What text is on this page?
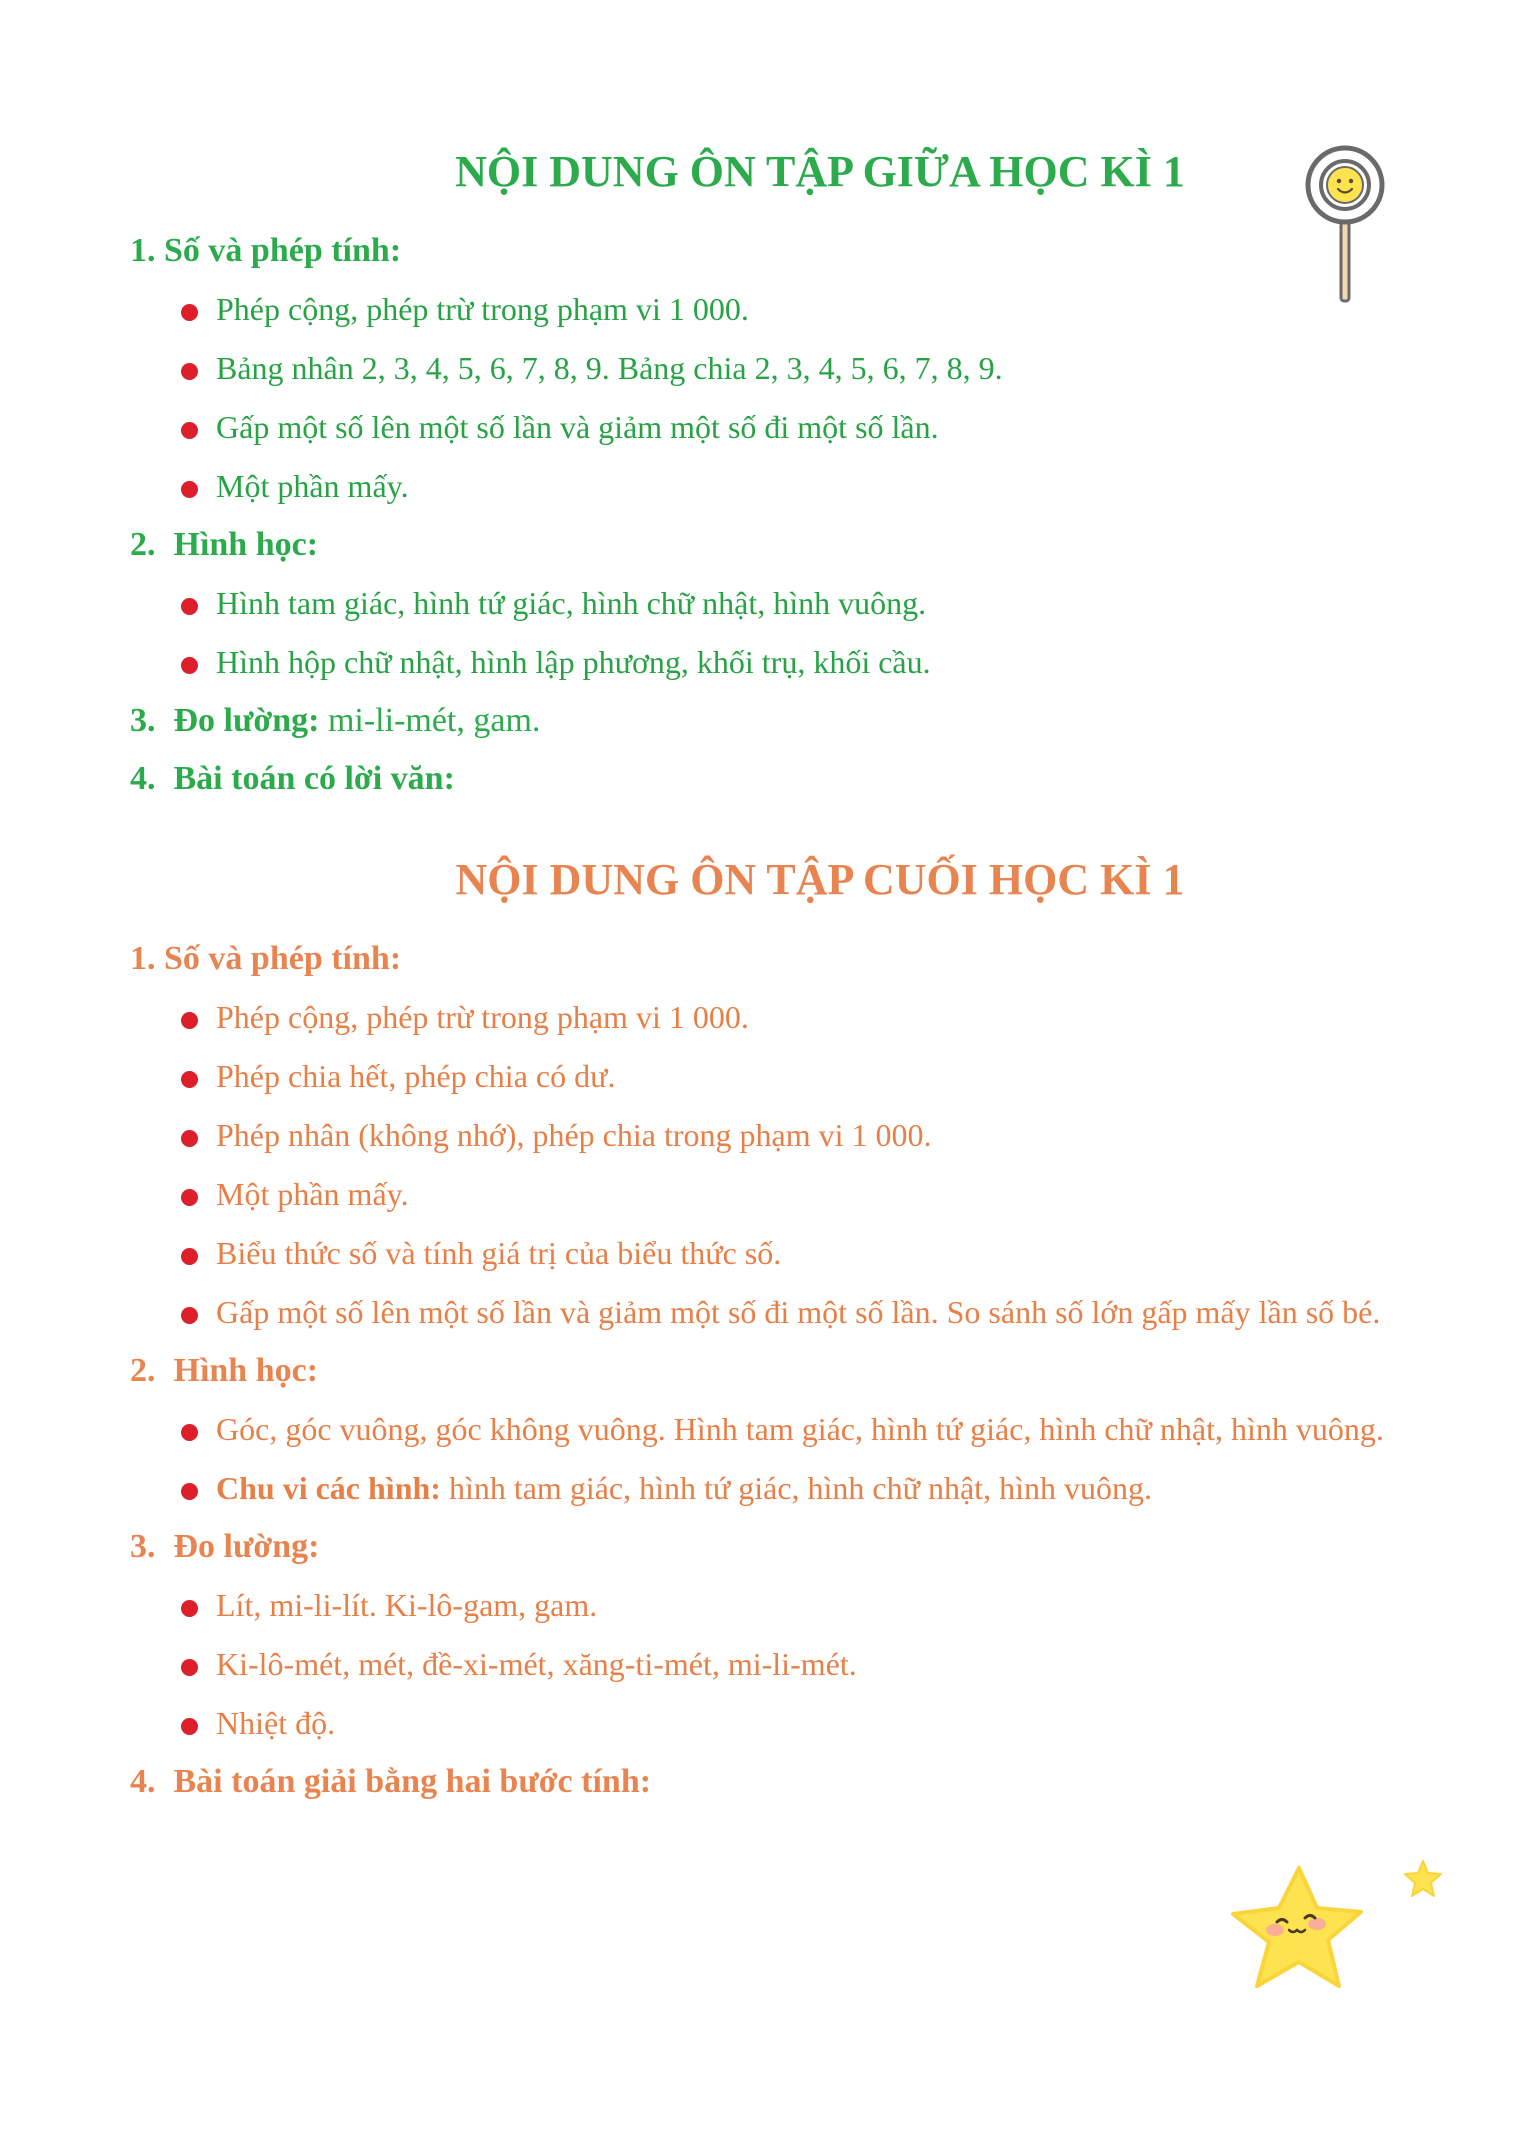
NỘI DUNG ÔN TẬP GIỮA HỌC KÌ 1
1. Số và phép tính:
Phép cộng, phép trừ trong phạm vi 1 000.
Bảng nhân 2, 3, 4, 5, 6, 7, 8, 9. Bảng chia 2, 3, 4, 5, 6, 7, 8, 9.
Gấp một số lên một số lần và giảm một số đi một số lần.
Một phần mấy.
2. Hình học:
Hình tam giác, hình tứ giác, hình chữ nhật, hình vuông.
Hình hộp chữ nhật, hình lập phương, khối trụ, khối cầu.
3. Đo lường: mi-li-mét, gam.
4. Bài toán có lời văn:
NỘI DUNG ÔN TẬP CUỐI HỌC KÌ 1
1. Số và phép tính:
Phép cộng, phép trừ trong phạm vi 1 000.
Phép chia hết, phép chia có dư.
Phép nhân (không nhớ), phép chia trong phạm vi 1 000.
Một phần mấy.
Biểu thức số và tính giá trị của biểu thức số.
Gấp một số lên một số lần và giảm một số đi một số lần. So sánh số lớn gấp mấy lần số bé.
2. Hình học:
Góc, góc vuông, góc không vuông. Hình tam giác, hình tứ giác, hình chữ nhật, hình vuông.
Chu vi các hình: hình tam giác, hình tứ giác, hình chữ nhật, hình vuông.
3. Đo lường:
Lít, mi-li-lít. Ki-lô-gam, gam.
Ki-lô-mét, mét, đề-xi-mét, xăng-ti-mét, mi-li-mét.
Nhiệt độ.
4. Bài toán giải bằng hai bước tính:
